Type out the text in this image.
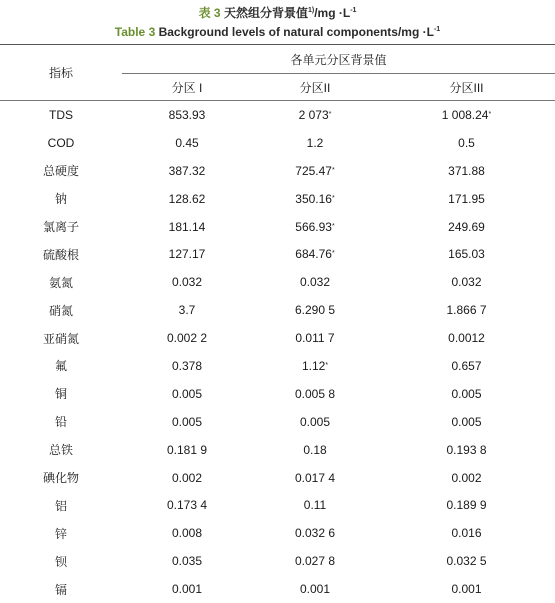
表 3 天然组分背景值$^{1)}/mg \cdot L^{-1}$
Table 3 Background levels of natural components/mg $\cdot L^{-1}$
指标
各单元分区背景值
分区 I	分区II	分区III
TDS	853.93	2 073 *	1 008.24 *
COD	0.45	1.2	0.5
总硬度	387.32	725.47 *	371.88
钠	128.62	350.16 *	171.95
氯离子	181.14	566.93 *	249.69
硫酸根	127.17	684.76 *	165.03
氨氮	0.032	0.032	0.032
硝氮	3.7	6.290 5	1.866 7
亚硝氮	0.002 2	0.011 7	0.0012
氟	0.378	1.12 *	0.657
铜	0.005	0.005 8	0.005
铅	0.005	0.005	0.005
总铁	0.181 9	0.18	0.193 8
碘化物	0.002	0.017 4	0.002
铝	0.173 4	0.11	0.189 9
锌	0.008	0.032 6	0.016
钡	0.035	0.027 8	0.032 5
镉	0.001	0.001	0.001
